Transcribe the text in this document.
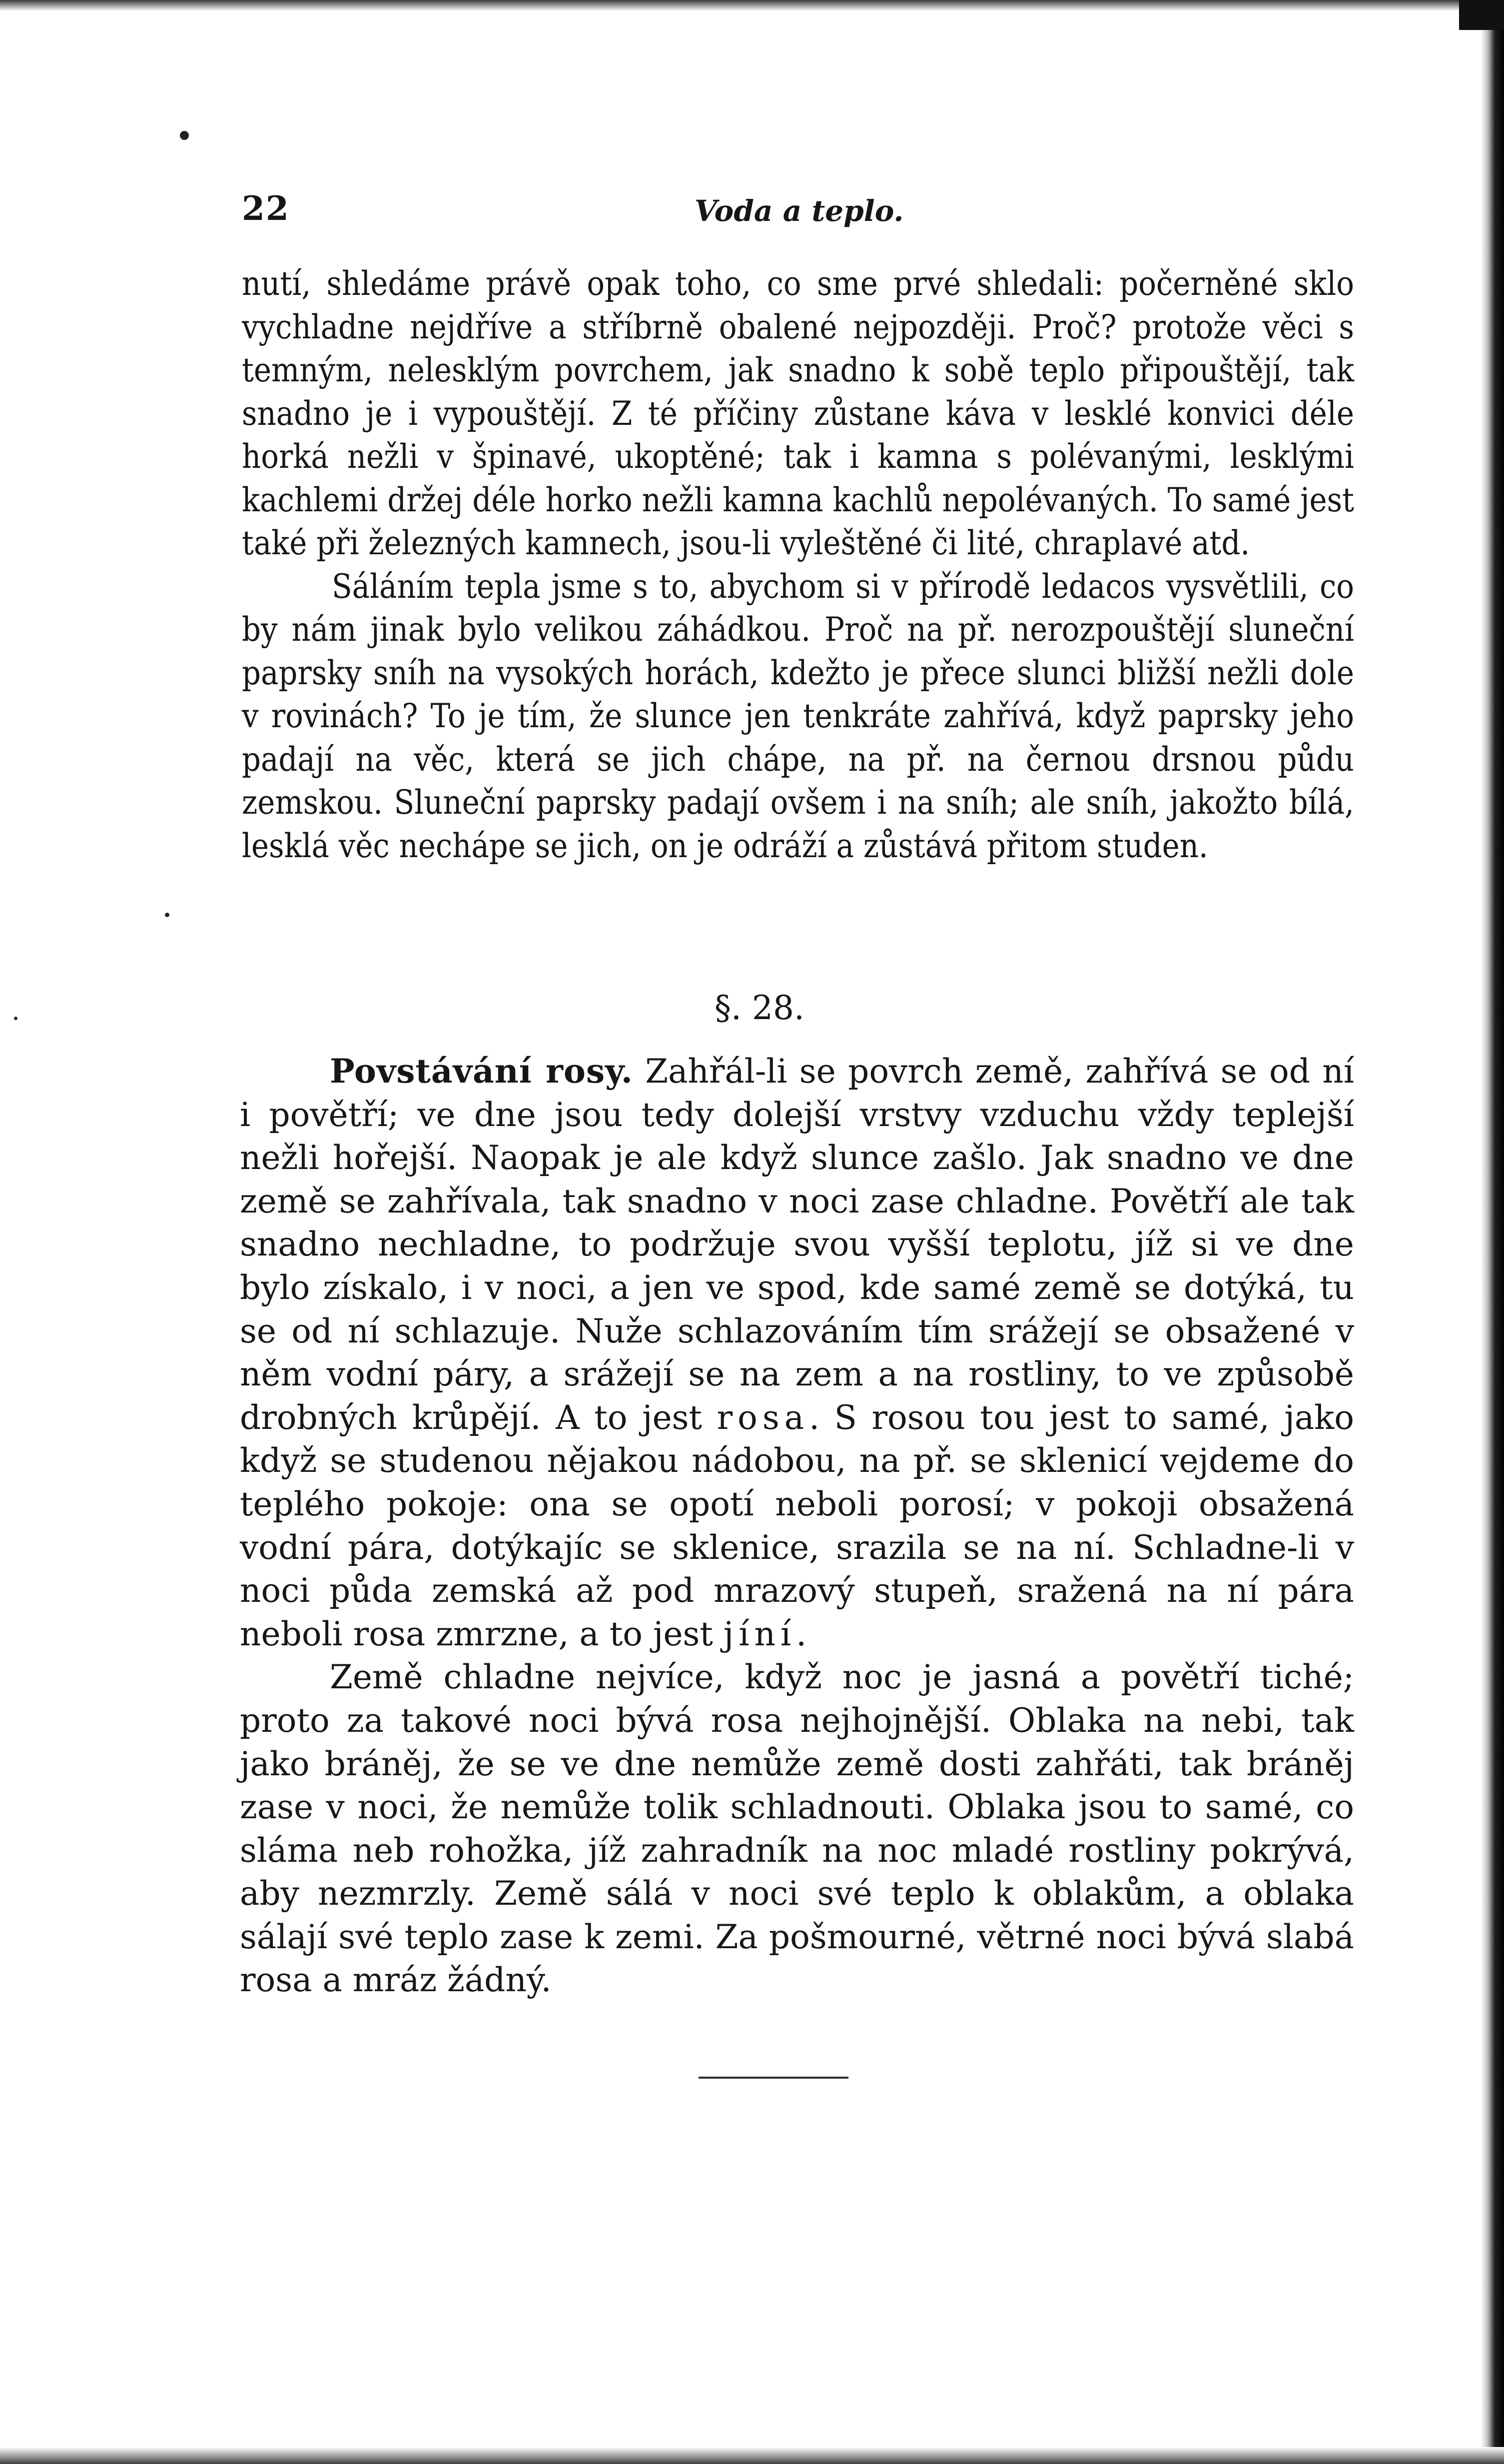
22	Voda a teplo.

nutí, shledáme právě opak toho, co sme prvé shledali: počerněné sklo vychladne nejdříve a stříbrně obalené nejpozději. Proč? protože věci s temným, nelesklým povrchem, jak snadno k sobě teplo připouštějí, tak snadno je i vypouštějí. Z té příčiny zůstane káva v lesklé konvici déle horká nežli v špinavé, ukoptěné; tak i kamna s polévanými, lesklými kachlemi držej déle horko nežli kamna kachlů nepolévaných. To samé jest také při železných kamnech, jsou-li vyleštěné či lité, chraplavé atd.

Sáláním tepla jsme s to, abychom si v přírodě ledacos vysvětlili, co by nám jinak bylo velikou záhádkou. Proč na př. nerozpouštějí sluneční paprsky sníh na vysokých horách, kdežto je přece slunci bližší nežli dole v rovinách? To je tím, že slunce jen tenkráte zahřívá, když paprsky jeho padají na věc, která se jich chápe, na př. na černou drsnou půdu zemskou. Sluneční paprsky padají ovšem i na sníh; ale sníh, jakožto bílá, lesklá věc nechápe se jich, on je odráží a zůstává přitom studen.

§. 28.

Povstávání rosy. Zahřál-li se povrch země, zahřívá se od ní i povětří; ve dne jsou tedy dolejší vrstvy vzduchu vždy teplejší nežli hořejší. Naopak je ale když slunce zašlo. Jak snadno ve dne země se zahřívala, tak snadno v noci zase chladne. Povětří ale tak snadno nechladne, to podržuje svou vyšší teplotu, jíž si ve dne bylo získalo, i v noci, a jen ve spod, kde samé země se dotýká, tu se od ní schlazuje. Nuže schlazováním tím srážejí se obsažené v něm vodní páry, a srážejí se na zem a na rostliny, to ve způsobě drobných krůpějí. A to jest rosa. S rosou tou jest to samé, jako když se studenou nějakou nádobou, na př. se sklenicí vejdeme do teplého pokoje: ona se opotí neboli porosí; v pokoji obsažená vodní pára, dotýkajíc se sklenice, srazila se na ní. Schladne-li v noci půda zemská až pod mrazový stupeň, sražená na ní pára neboli rosa zmrzne, a to jest jíní.

Země chladne nejvíce, když noc je jasná a povětří tiché; proto za takové noci bývá rosa nejhojnější. Oblaka na nebi, tak jako bráněj, že se ve dne nemůže země dosti zahřáti, tak bráněj zase v noci, že nemůže tolik schladnouti. Oblaka jsou to samé, co sláma neb rohožka, jíž zahradník na noc mladé rostliny pokrývá, aby nezmrzly. Země sálá v noci své teplo k oblakům, a oblaka sálají své teplo zase k zemi. Za pošmourné, větrné noci bývá slabá rosa a mráz žádný.
